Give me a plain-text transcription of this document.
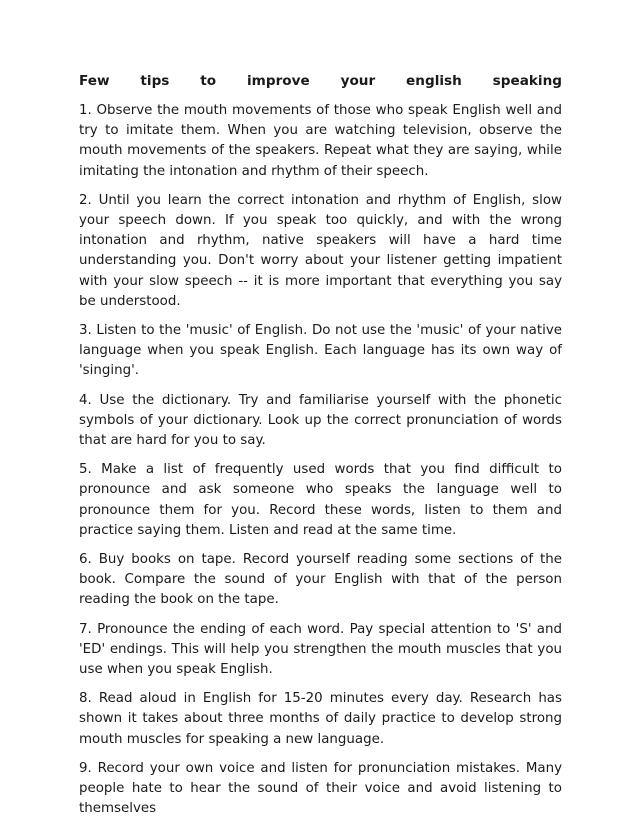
Few tips to improve your english speaking

1. Observe the mouth movements of those who speak English well and try to imitate them. When you are watching television, observe the mouth movements of the speakers. Repeat what they are saying, while imitating the intonation and rhythm of their speech.

2. Until you learn the correct intonation and rhythm of English, slow your speech down. If you speak too quickly, and with the wrong intonation and rhythm, native speakers will have a hard time understanding you. Don't worry about your listener getting impatient with your slow speech -- it is more important that everything you say be understood.

3. Listen to the 'music' of English. Do not use the 'music' of your native language when you speak English. Each language has its own way of 'singing'.

4. Use the dictionary. Try and familiarise yourself with the phonetic symbols of your dictionary. Look up the correct pronunciation of words that are hard for you to say.

5. Make a list of frequently used words that you find difficult to pronounce and ask someone who speaks the language well to pronounce them for you. Record these words, listen to them and practice saying them. Listen and read at the same time.

6. Buy books on tape. Record yourself reading some sections of the book. Compare the sound of your English with that of the person reading the book on the tape.

7. Pronounce the ending of each word. Pay special attention to 'S' and 'ED' endings. This will help you strengthen the mouth muscles that you use when you speak English.

8. Read aloud in English for 15-20 minutes every day. Research has shown it takes about three months of daily practice to develop strong mouth muscles for speaking a new language.

9. Record your own voice and listen for pronunciation mistakes. Many people hate to hear the sound of their voice and avoid listening to themselves
